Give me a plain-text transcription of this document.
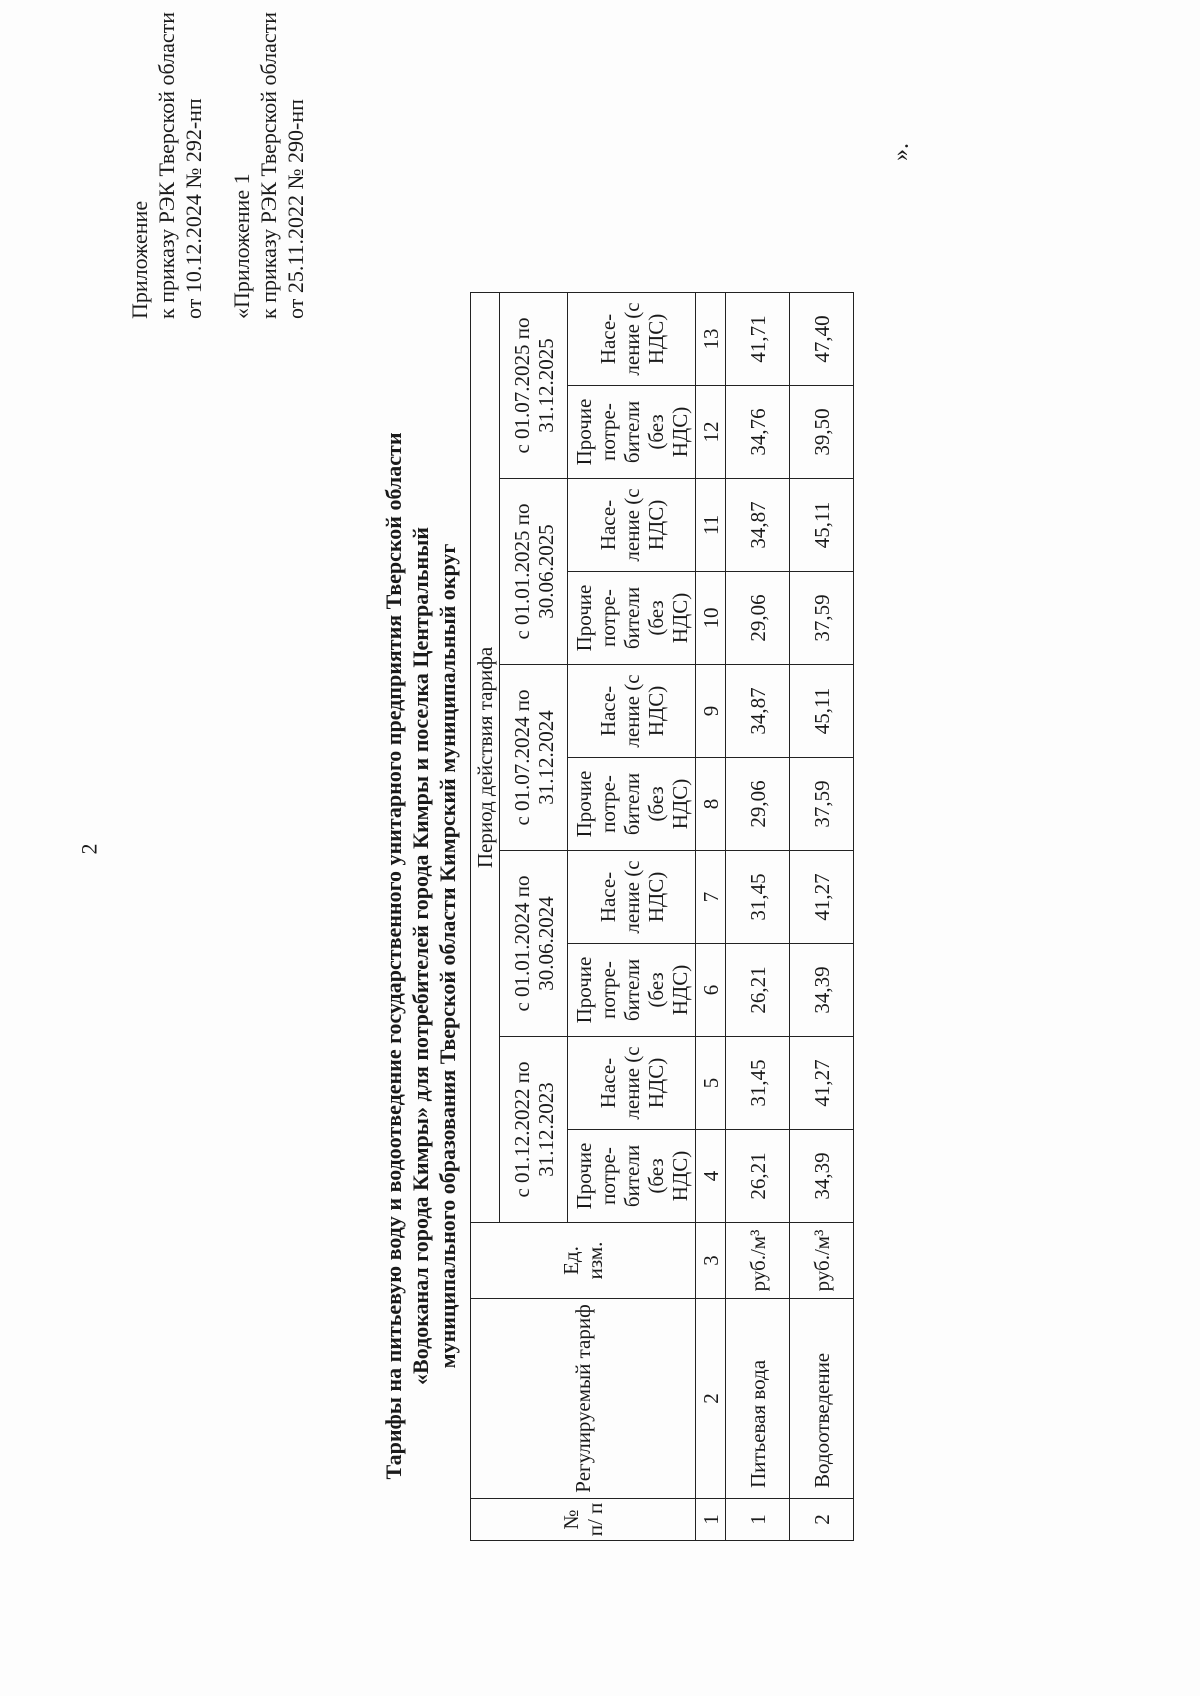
2
Приложение к приказу РЭК Тверской области от 10.12.2024 № 292-нп «Приложение 1 к приказу РЭК Тверской области от 25.11.2022 № 290-нп
Тарифы на питьевую воду и водоотведение государственного унитарного предприятия Тверской области «Водоканал города Кимры» для потребителей города Кимры и поселка Центральный муниципального образования Тверской области Кимрский муниципальный округ
№ п/ п	Регулируемый тариф	Ед. изм.	Период действия тарифа									
			с 01.12.2022 по 31.12.2023		с 01.01.2024 по 30.06.2024		с 01.07.2024 по 31.12.2024		с 01.01.2025 по 30.06.2025		с 01.07.2025 по 31.12.2025	
			Прочие потре- бители (без НДС)	Насе- ление (с НДС)	Прочие потре- бители (без НДС)	Насе- ление (с НДС)	Прочие потре- бители (без НДС)	Насе- ление (с НДС)	Прочие потре- бители (без НДС)	Насе- ление (с НДС)	Прочие потре- бители (без НДС)	Насе- ление (с НДС)
1	2	3	4	5	6	7	8	9	10	11	12	13
1	Питьевая вода	руб./м³	26,21	31,45	26,21	31,45	29,06	34,87	29,06	34,87	34,76	41,71
2	Водоотведение	руб./м³	34,39	41,27	34,39	41,27	37,59	45,11	37,59	45,11	39,50	47,40
».
